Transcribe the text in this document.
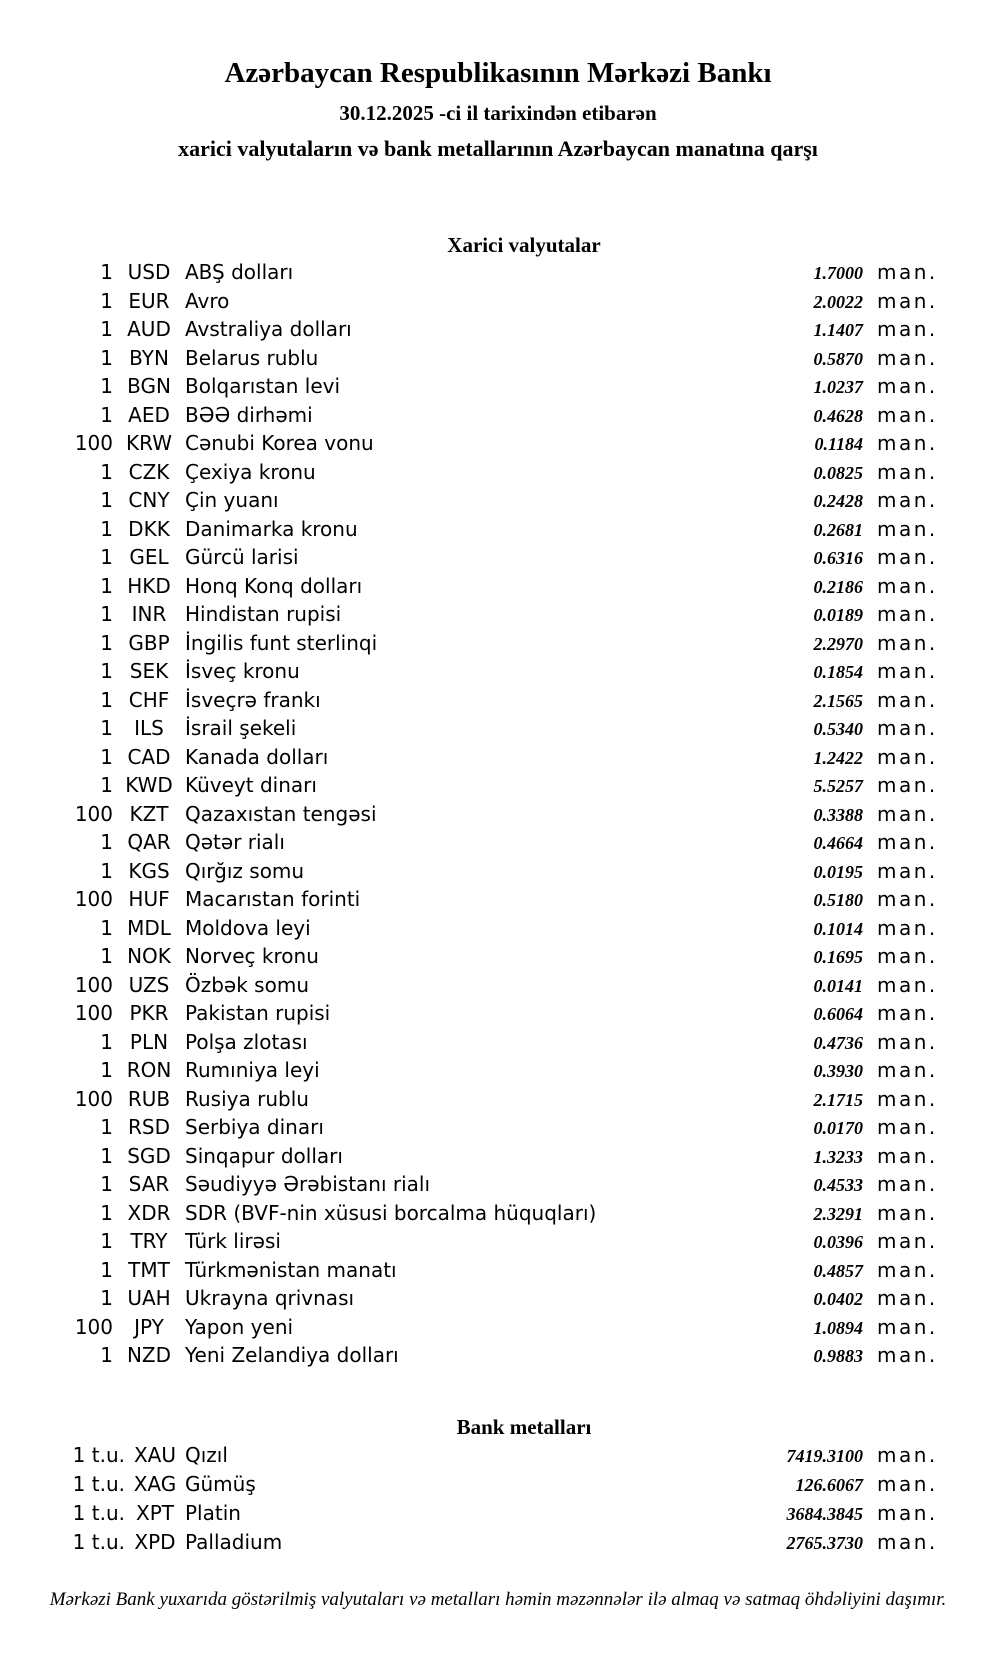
Azərbaycan Respublikasının Mərkəzi Bankı

30.12.2025 -ci il tarixindən etibarən

xarici valyutaların və bank metallarının Azərbaycan manatına qarşı

Xarici valyutalar
1 USD ABŞ dolları	1.7000 man.
1 EUR Avro	2.0022 man.
1 AUD Avstraliya dolları	1.1407 man.
1 BYN Belarus rublu	0.5870 man.
1 BGN Bolqarıstan levi	1.0237 man.
1 AED BƏƏ dirhəmi	0.4628 man.
100 KRW Cənubi Korea vonu	0.1184 man.
1 CZK Çexiya kronu	0.0825 man.
1 CNY Çin yuanı	0.2428 man.
1 DKK Danimarka kronu	0.2681 man.
1 GEL Gürcü larisi	0.6316 man.
1 HKD Honq Konq dolları	0.2186 man.
1 INR Hindistan rupisi	0.0189 man.
1 GBP İngilis funt sterlinqi	2.2970 man.
1 SEK İsveç kronu	0.1854 man.
1 CHF İsveçrə frankı	2.1565 man.
1	ILS	İsrail şekeli	0.5340 man.
1 CAD Kanada dolları	1.2422 man.
1 KWD Küveyt dinarı	5.5257 man.
100 KZT Qazaxıstan tengəsi	0.3388 man.
1 QAR Qətər rialı	0.4664 man.
1 KGS Qırğız somu	0.0195 man.
100 HUF Macarıstan forinti	0.5180 man.
1 MDL Moldova leyi	0.1014 man.
1 NOK Norveç kronu	0.1695 man.
100 UZS Özbək somu	0.0141 man.
100 PKR Pakistan rupisi	0.6064 man.
1 PLN Polşa zlotası	0.4736 man.
1 RON Rumıniya leyi	0.3930 man.
100 RUB Rusiya rublu	2.1715 man.
1 RSD Serbiya dinarı	0.0170 man.
1 SGD Sinqapur dolları	1.3233 man.
1 SAR Səudiyyə Ərəbistanı rialı	0.4533 man.
1 XDR SDR (BVF-nin xüsusi borcalma hüquqları)	2.3291 man.
1 TRY Türk lirəsi	0.0396 man.
1 TMT Türkmənistan manatı	0.4857 man.
1 UAH Ukrayna qrivnası	0.0402 man.
100	JPY	Yapon yeni	1.0894 man.
1 NZD Yeni Zelandiya dolları	0.9883 man.
Bank metalları
1 t.u. XAU Qızıl	7419.3100 man.
1 t.u. XAG Gümüş	126.6067 man.
1 t.u. XPT Platin	3684.3845 man.
1 t.u. XPD Palladium	2765.3730 man.

Mərkəzi Bank yuxarıda göstərilmiş valyutaları və metalları həmin məzənnələr ilə almaq və satmaq öhdəliyini daşımır.
